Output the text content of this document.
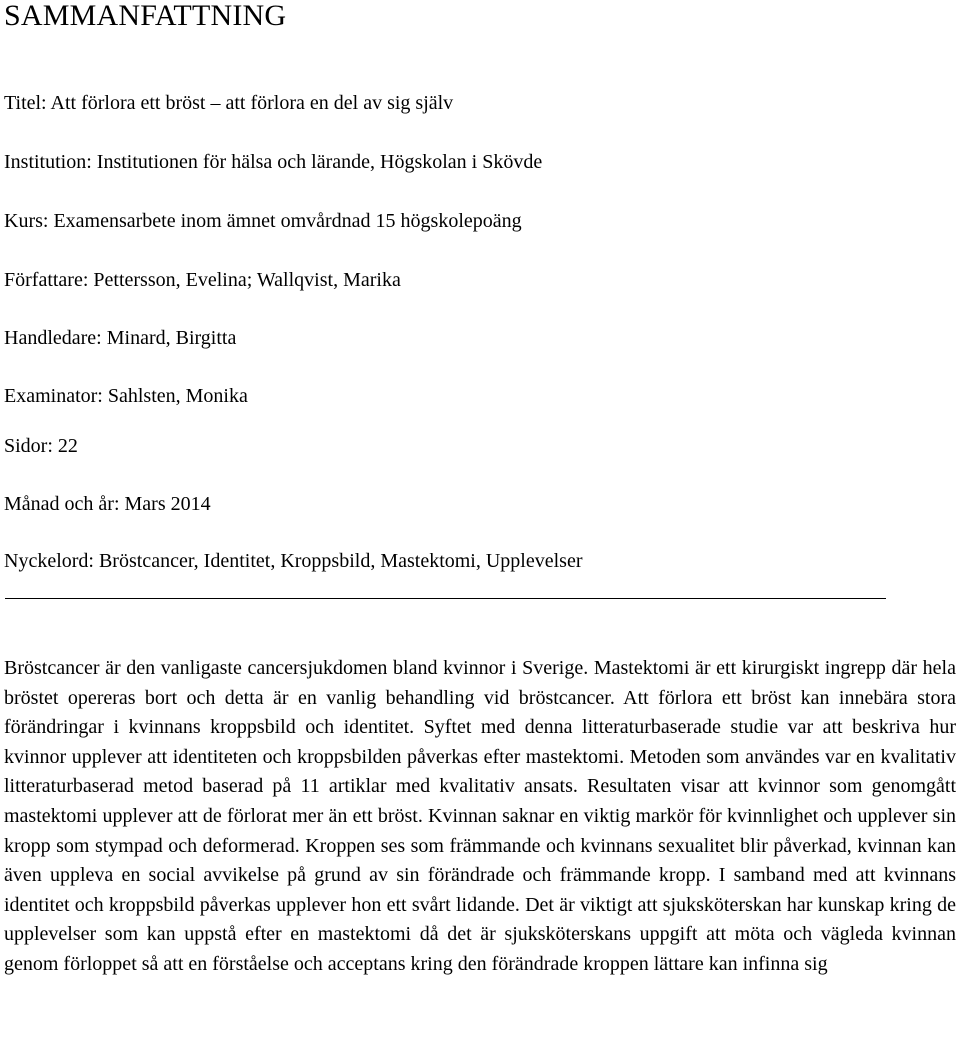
SAMMANFATTNING

Titel: Att förlora ett bröst – att förlora en del av sig själv

Institution: Institutionen för hälsa och lärande, Högskolan i Skövde

Kurs: Examensarbete inom ämnet omvårdnad 15 högskolepoäng

Författare: Pettersson, Evelina; Wallqvist, Marika

Handledare: Minard, Birgitta

Examinator: Sahlsten, Monika

Sidor: 22

Månad och år: Mars 2014

Nyckelord: Bröstcancer, Identitet, Kroppsbild, Mastektomi, Upplevelser

Bröstcancer är den vanligaste cancersjukdomen bland kvinnor i Sverige. Mastektomi är ett kirurgiskt ingrepp där hela bröstet opereras bort och detta är en vanlig behandling vid bröstcancer. Att förlora ett bröst kan innebära stora förändringar i kvinnans kroppsbild och identitet. Syftet med denna litteraturbaserade studie var att beskriva hur kvinnor upplever att identiteten och kroppsbilden påverkas efter mastektomi. Metoden som användes var en kvalitativ litteraturbaserad metod baserad på 11 artiklar med kvalitativ ansats. Resultaten visar att kvinnor som genomgått mastektomi upplever att de förlorat mer än ett bröst. Kvinnan saknar en viktig markör för kvinnlighet och upplever sin kropp som stympad och deformerad. Kroppen ses som främmande och kvinnans sexualitet blir påverkad, kvinnan kan även uppleva en social avvikelse på grund av sin förändrade och främmande kropp. I samband med att kvinnans identitet och kroppsbild påverkas upplever hon ett svårt lidande. Det är viktigt att sjuksköterskan har kunskap kring de upplevelser som kan uppstå efter en mastektomi då det är sjuksköterskans uppgift att möta och vägleda kvinnan genom förloppet så att en förståelse och acceptans kring den förändrade kroppen lättare kan infinna sig
